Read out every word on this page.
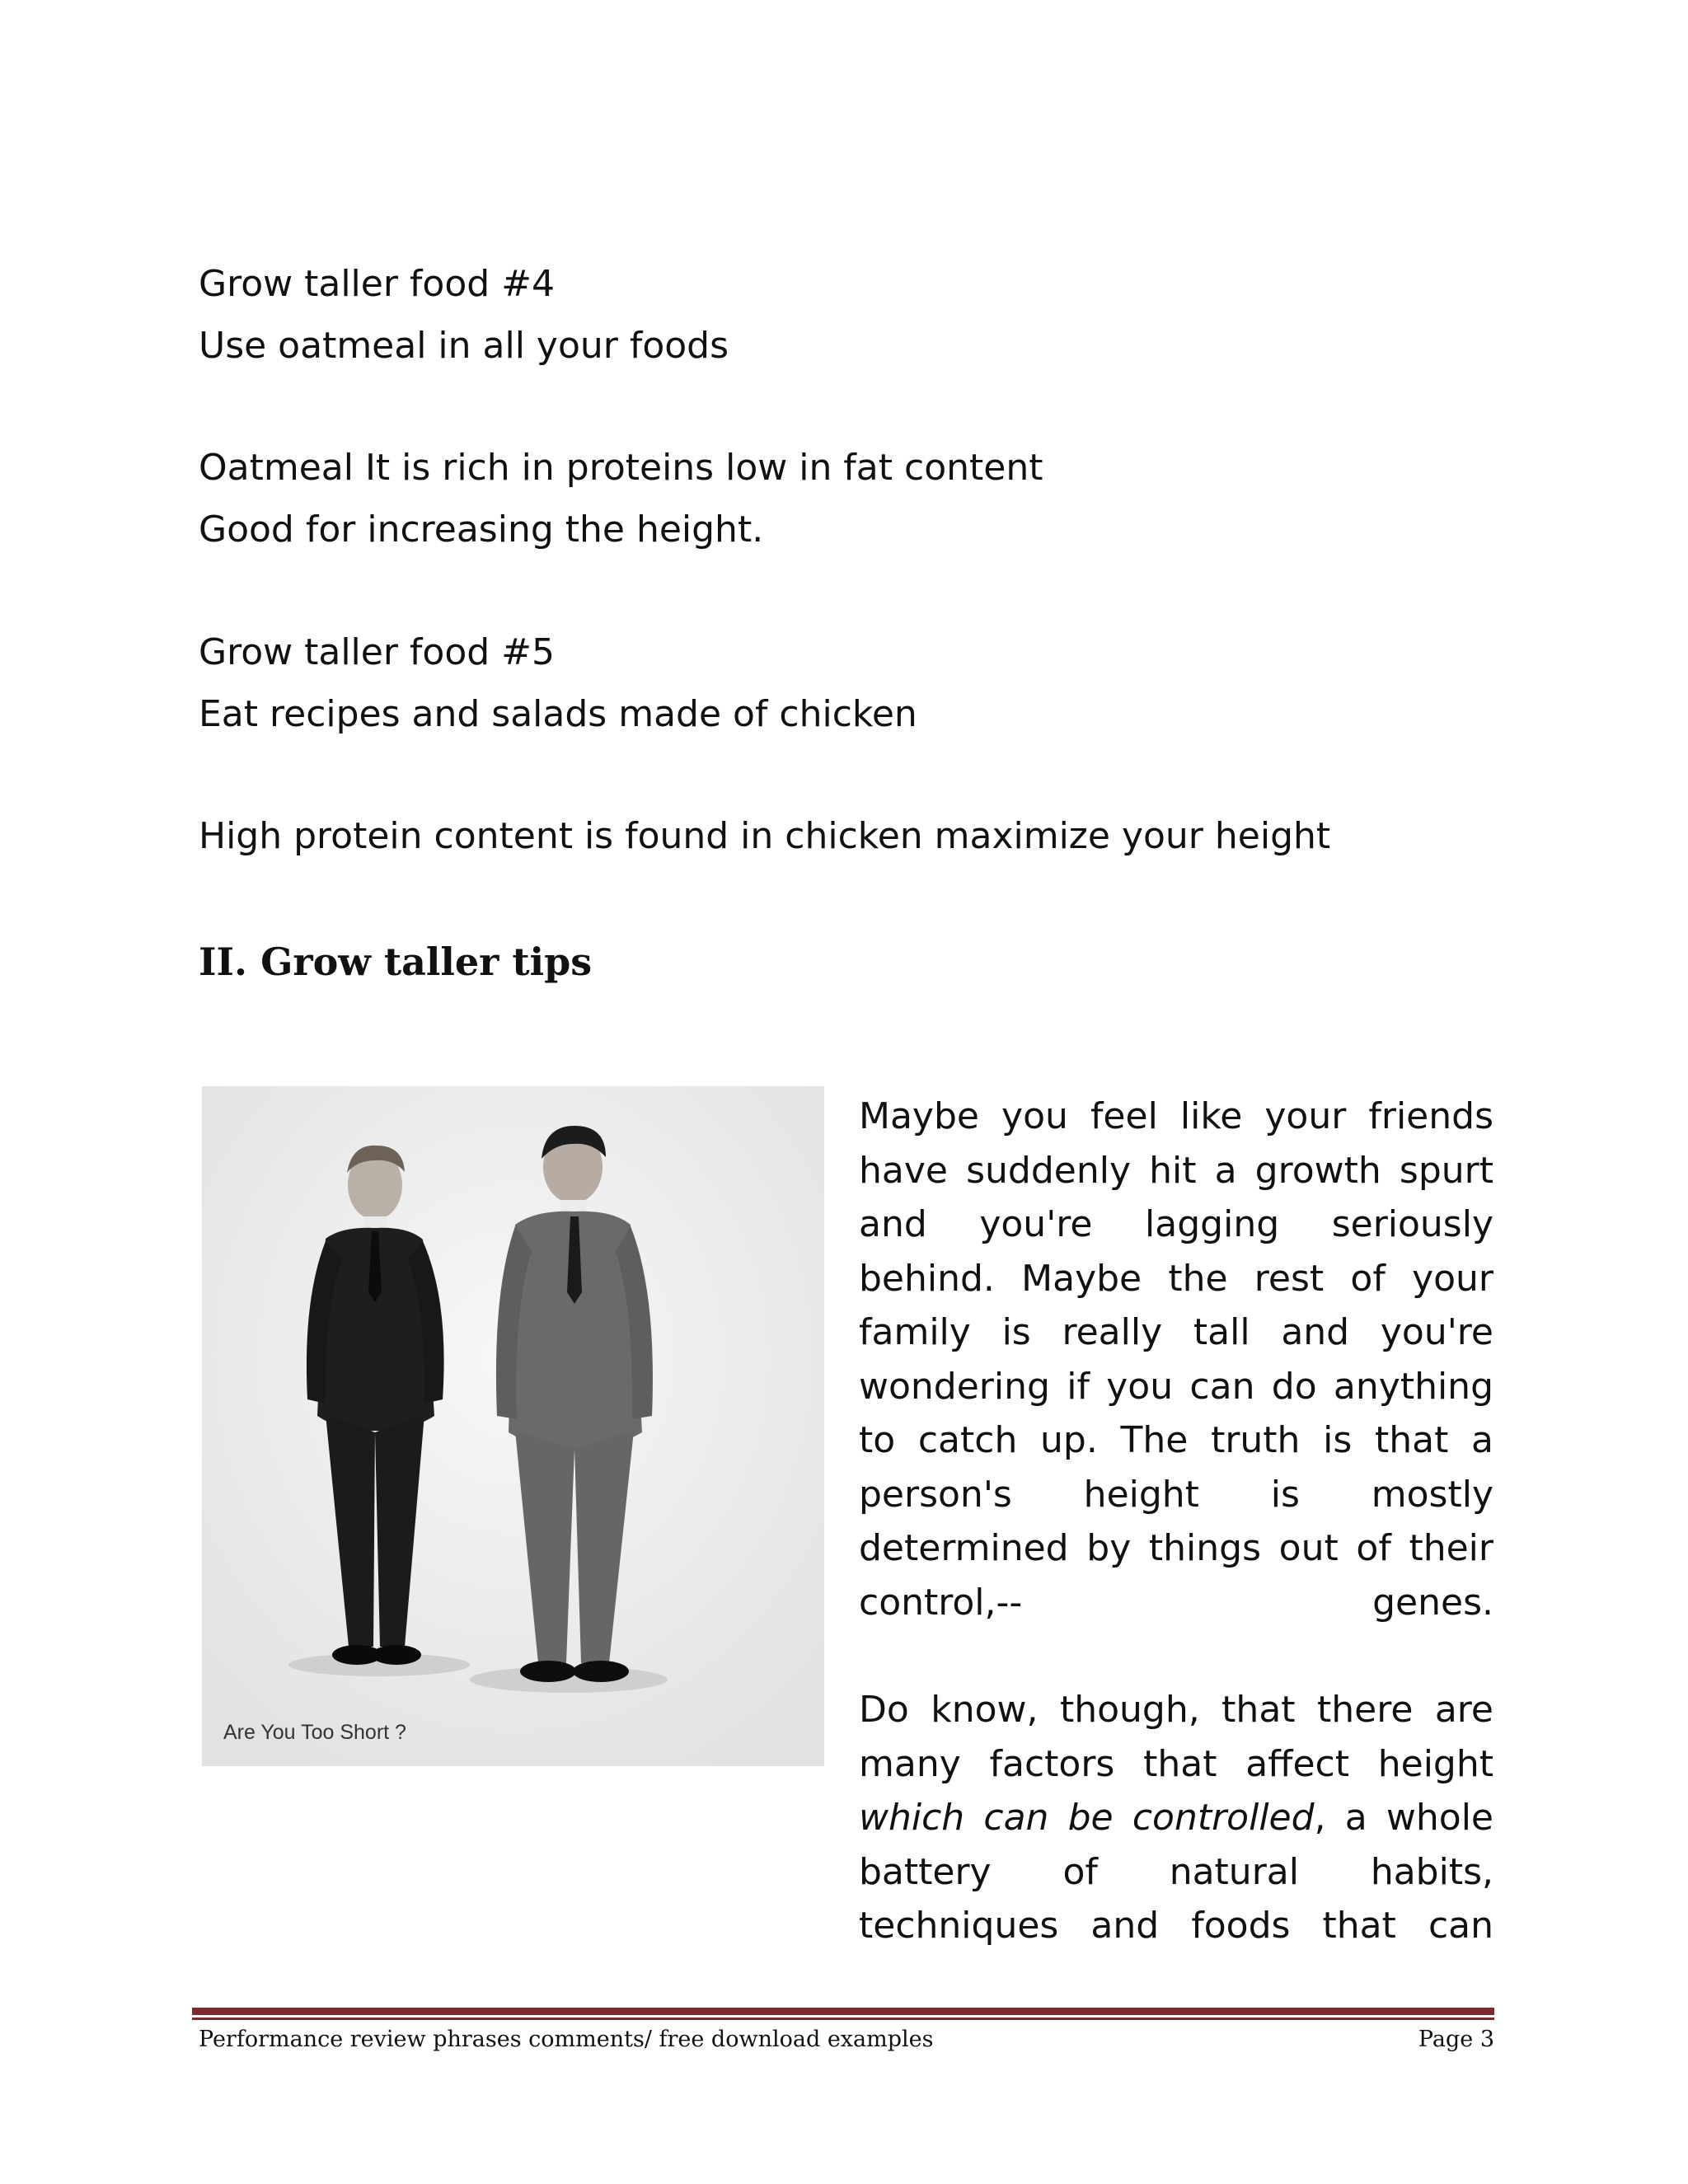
Grow taller food #4
Use oatmeal in all your foods
Oatmeal It is rich in proteins low in fat content
Good for increasing the height.
Grow taller food #5
Eat recipes and salads made of chicken
High protein content is found in chicken maximize your height
II. Grow taller tips
Are You Too Short ?

Maybe you feel like your friends have suddenly hit a growth spurt and you're lagging seriously behind. Maybe the rest of your family is really tall and you're wondering if you can do anything to catch up. The truth is that a person's height is mostly determined by things out of their control,-- genes.

Do know, though, that there are many factors that affect height which can be controlled, a whole battery of natural habits, techniques and foods that can

Performance review phrases comments/ free download examples	Page 3
